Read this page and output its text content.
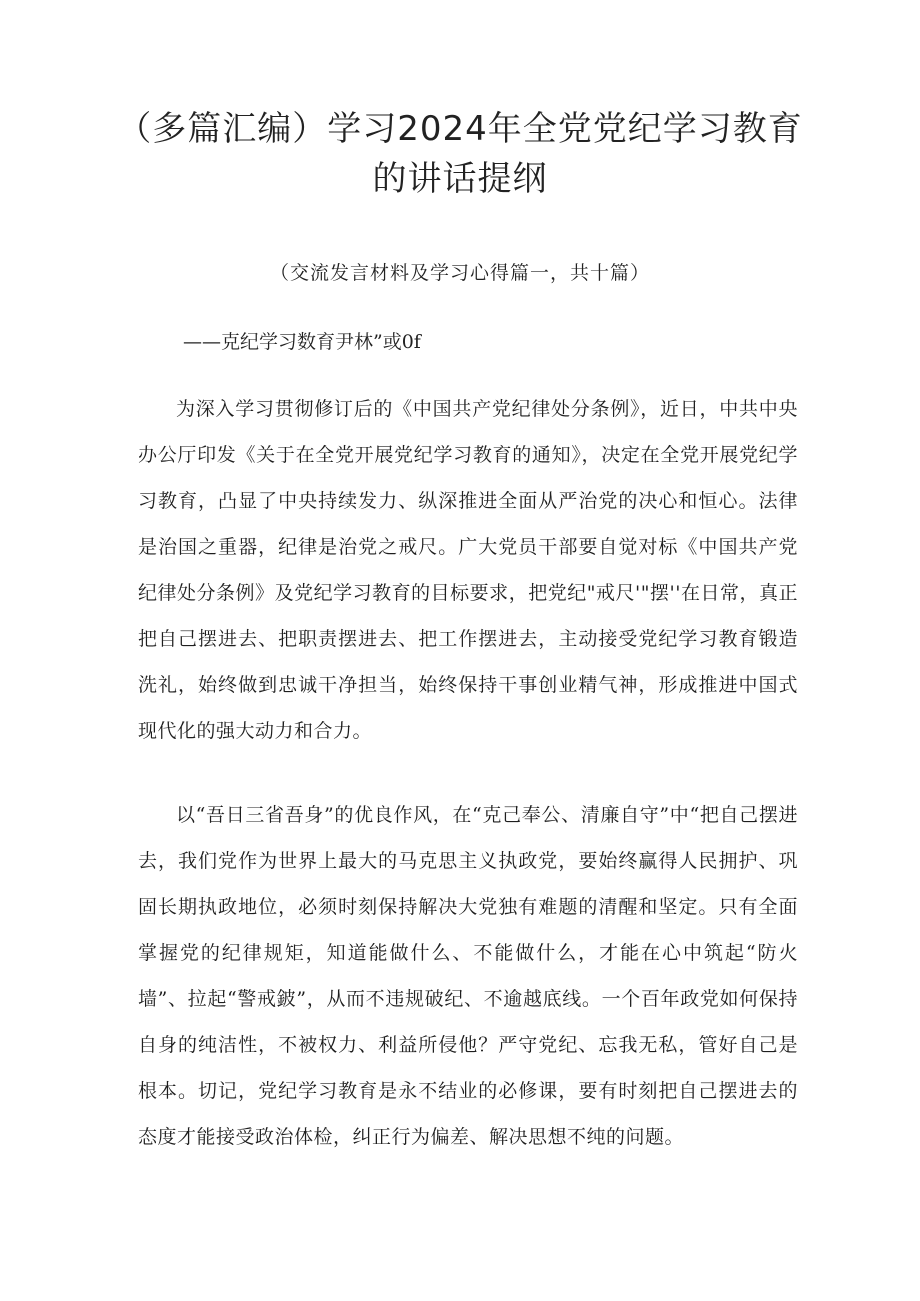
（多篇汇编）学习2024年全党党纪学习教育的讲话提纲
（交流发言材料及学习心得篇一，共十篇）
——克纪学习数育尹林”或0f

为深入学习贯彻修订后的《中国共产党纪律处分条例》，近日，中共中央办公厅印发《关于在全党开展党纪学习教育的通知》，决定在全党开展党纪学习教育，凸显了中央持续发力、纵深推进全面从严治党的决心和恒心。法律是治国之重器，纪律是治党之戒尺。广大党员干部要自觉对标《中国共产党纪律处分条例》及党纪学习教育的目标要求，把党纪"戒尺'"摆''在日常，真正把自己摆进去、把职责摆进去、把工作摆进去，主动接受党纪学习教育锻造洗礼，始终做到忠诚干净担当，始终保持干事创业精气神，形成推进中国式现代化的强大动力和合力。

以“吾日三省吾身”的优良作风，在“克己奉公、清廉自守”中“把自己摆进去，我们党作为世界上最大的马克思主义执政党，要始终赢得人民拥护、巩固长期执政地位，必须时刻保持解决大党独有难题的清醒和坚定。只有全面掌握党的纪律规矩，知道能做什么、不能做什么，才能在心中筑起“防火墙”、拉起“警戒鈹”，从而不违规破纪、不逾越底线。一个百年政党如何保持自身的纯洁性，不被权力、利益所侵他？严守党纪、忘我无私，管好自己是根本。切记，党纪学习教育是永不结业的必修课，要有时刻把自己摆进去的态度才能接受政治体检，纠正行为偏差、解决思想不纯的问题。
